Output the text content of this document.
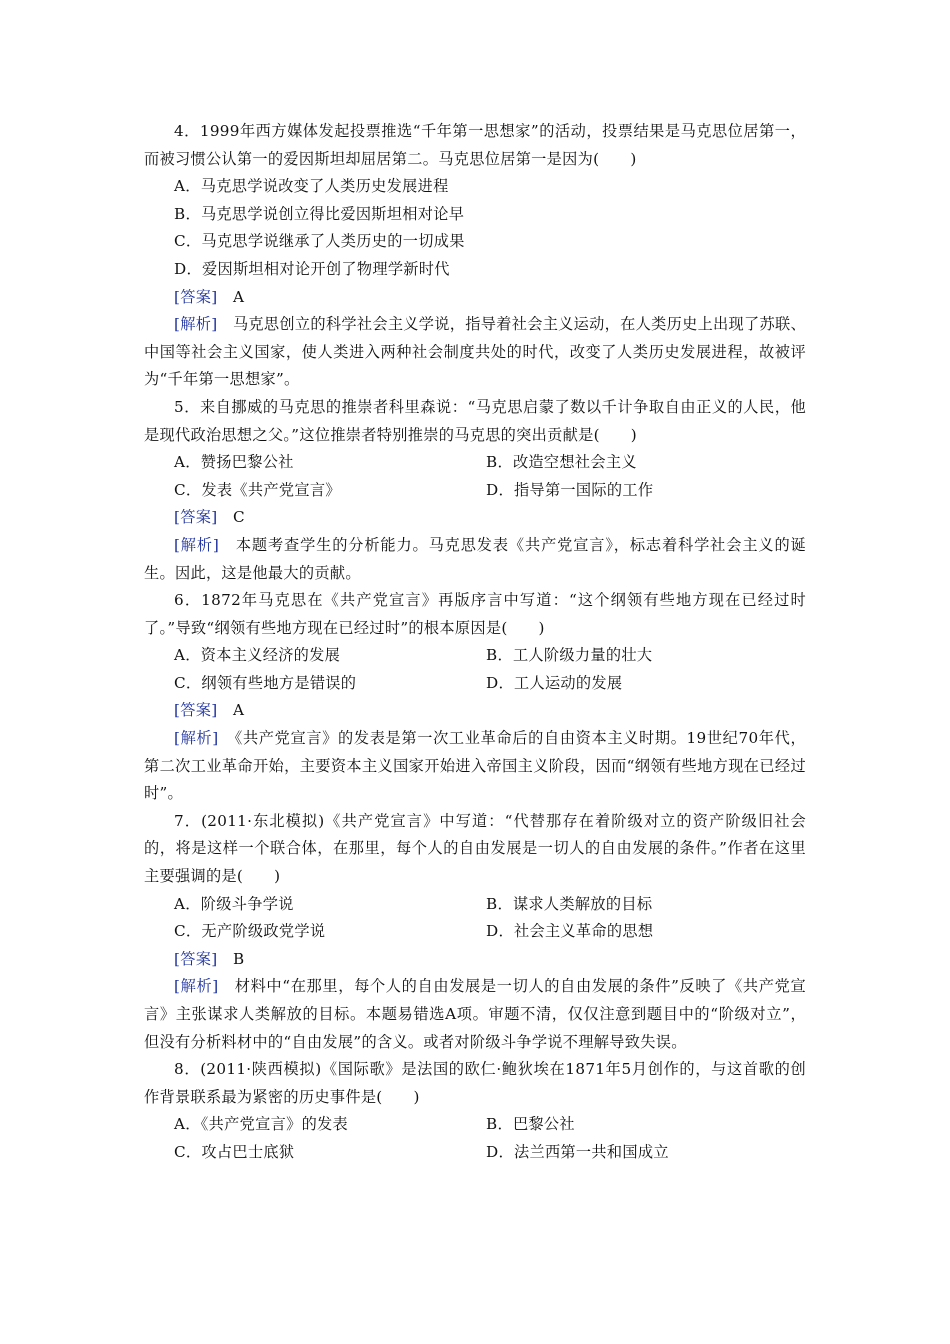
4．1999年西方媒体发起投票推选“千年第一思想家”的活动，投票结果是马克思位居第一，而被习惯公认第一的爱因斯坦却屈居第二。马克思位居第一是因为(　　)

A．马克思学说改变了人类历史发展进程

B．马克思学说创立得比爱因斯坦相对论早

C．马克思学说继承了人类历史的一切成果

D．爱因斯坦相对论开创了物理学新时代

[答案]　 A

[解析]　 马克思创立的科学社会主义学说，指导着社会主义运动，在人类历史上出现了苏联、中国等社会主义国家，使人类进入两种社会制度共处的时代，改变了人类历史发展进程，故被评为“千年第一思想家”。

5．来自挪威的马克思的推崇者科里森说：“马克思启蒙了数以千计争取自由正义的人民，他是现代政治思想之父。”这位推崇者特别推崇的马克思的突出贡献是(　　)

A．赞扬巴黎公社	B．改造空想社会主义
C．发表《共产党宣言》	D．指导第一国际的工作

[答案]　 C

[解析]　 本题考查学生的分析能力。马克思发表《共产党宣言》，标志着科学社会主义的诞生。因此，这是他最大的贡献。

6．1872年马克思在《共产党宣言》再版序言中写道：“这个纲领有些地方现在已经过时了。”导致“纲领有些地方现在已经过时”的根本原因是(　　)

A．资本主义经济的发展	B．工人阶级力量的壮大
C．纲领有些地方是错误的	D．工人运动的发展

[答案]　 A

[解析]　 《共产党宣言》的发表是第一次工业革命后的自由资本主义时期。19世纪70年代，第二次工业革命开始，主要资本主义国家开始进入帝国主义阶段，因而“纲领有些地方现在已经过时”。

7．(2011·东北模拟)《共产党宣言》中写道：“代替那存在着阶级对立的资产阶级旧社会的，将是这样一个联合体，在那里，每个人的自由发展是一切人的自由发展的条件。”作者在这里主要强调的是(　　)

A．阶级斗争学说	B．谋求人类解放的目标
C．无产阶级政党学说	D．社会主义革命的思想

[答案]　 B

[解析]　 材料中“在那里，每个人的自由发展是一切人的自由发展的条件”反映了《共产党宣言》主张谋求人类解放的目标。本题易错选A项。审题不清，仅仅注意到题目中的“阶级对立”，但没有分析料材中的“自由发展”的含义。或者对阶级斗争学说不理解导致失误。

8．(2011·陕西模拟)《国际歌》是法国的欧仁·鲍狄埃在1871年5月创作的，与这首歌的创作背景联系最为紧密的历史事件是(　　)

A．《共产党宣言》的发表	B．巴黎公社
C．攻占巴士底狱	D．法兰西第一共和国成立
